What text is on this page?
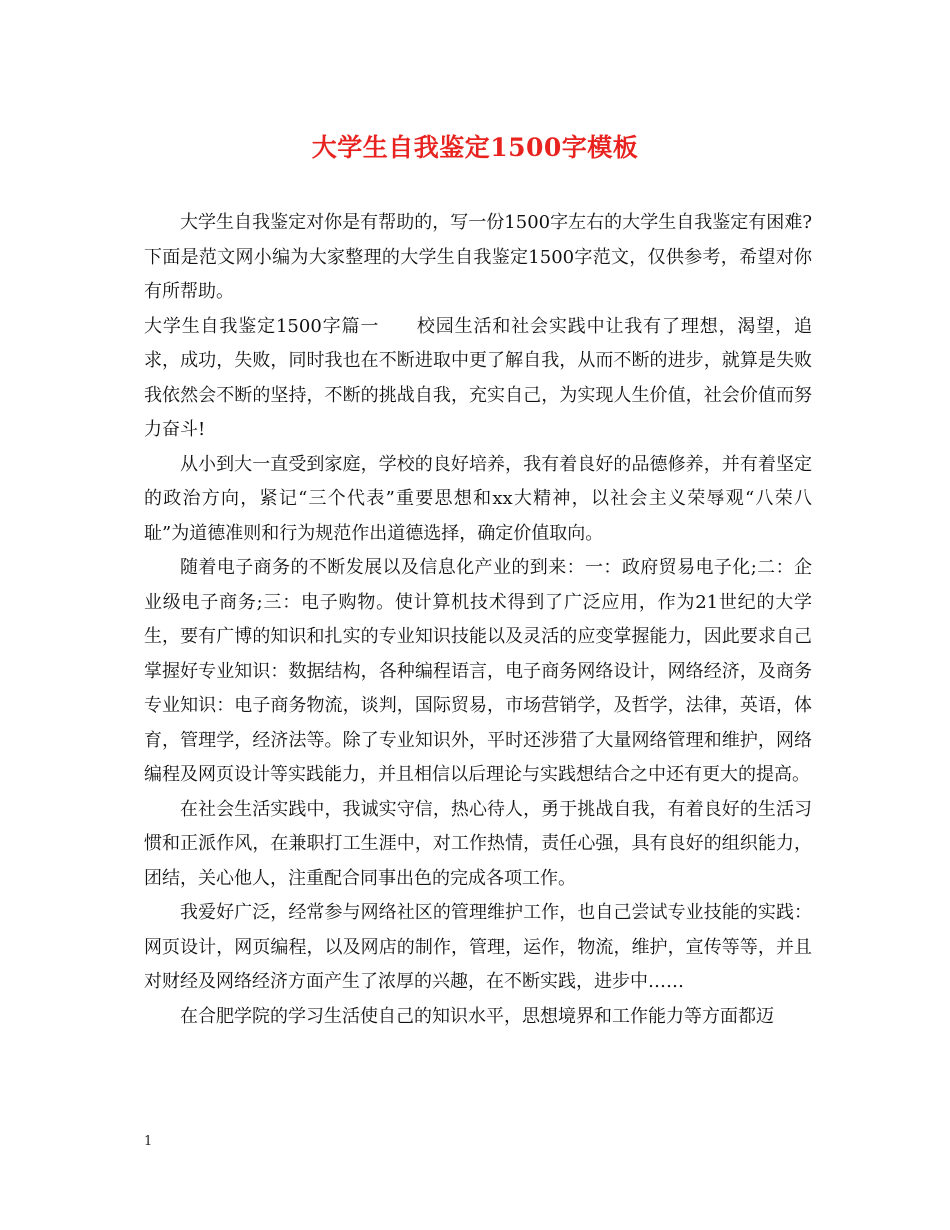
大学生自我鉴定1500字模板

大学生自我鉴定对你是有帮助的，写一份1500字左右的大学生自我鉴定有困难?下面是范文网小编为大家整理的大学生自我鉴定1500字范文，仅供参考，希望对你有所帮助。

大学生自我鉴定1500字篇一　　校园生活和社会实践中让我有了理想，渴望，追求，成功，失败，同时我也在不断进取中更了解自我，从而不断的进步，就算是失败我依然会不断的坚持，不断的挑战自我，充实自己，为实现人生价值，社会价值而努力奋斗!

从小到大一直受到家庭，学校的良好培养，我有着良好的品德修养，并有着坚定的政治方向，紧记“三个代表”重要思想和xx大精神，以社会主义荣辱观“八荣八耻”为道德准则和行为规范作出道德选择，确定价值取向。

随着电子商务的不断发展以及信息化产业的到来：一：政府贸易电子化;二：企业级电子商务;三：电子购物。使计算机技术得到了广泛应用，作为21世纪的大学生，要有广博的知识和扎实的专业知识技能以及灵活的应变掌握能力，因此要求自己掌握好专业知识：数据结构，各种编程语言，电子商务网络设计，网络经济，及商务专业知识：电子商务物流，谈判，国际贸易，市场营销学，及哲学，法律，英语，体育，管理学，经济法等。除了专业知识外，平时还涉猎了大量网络管理和维护，网络编程及网页设计等实践能力，并且相信以后理论与实践想结合之中还有更大的提高。

在社会生活实践中，我诚实守信，热心待人，勇于挑战自我，有着良好的生活习惯和正派作风，在兼职打工生涯中，对工作热情，责任心强，具有良好的组织能力，团结，关心他人，注重配合同事出色的完成各项工作。

我爱好广泛，经常参与网络社区的管理维护工作，也自己尝试专业技能的实践：网页设计，网页编程，以及网店的制作，管理，运作，物流，维护，宣传等等，并且对财经及网络经济方面产生了浓厚的兴趣，在不断实践，进步中……

在合肥学院的学习生活使自己的知识水平，思想境界和工作能力等方面都迈

1
